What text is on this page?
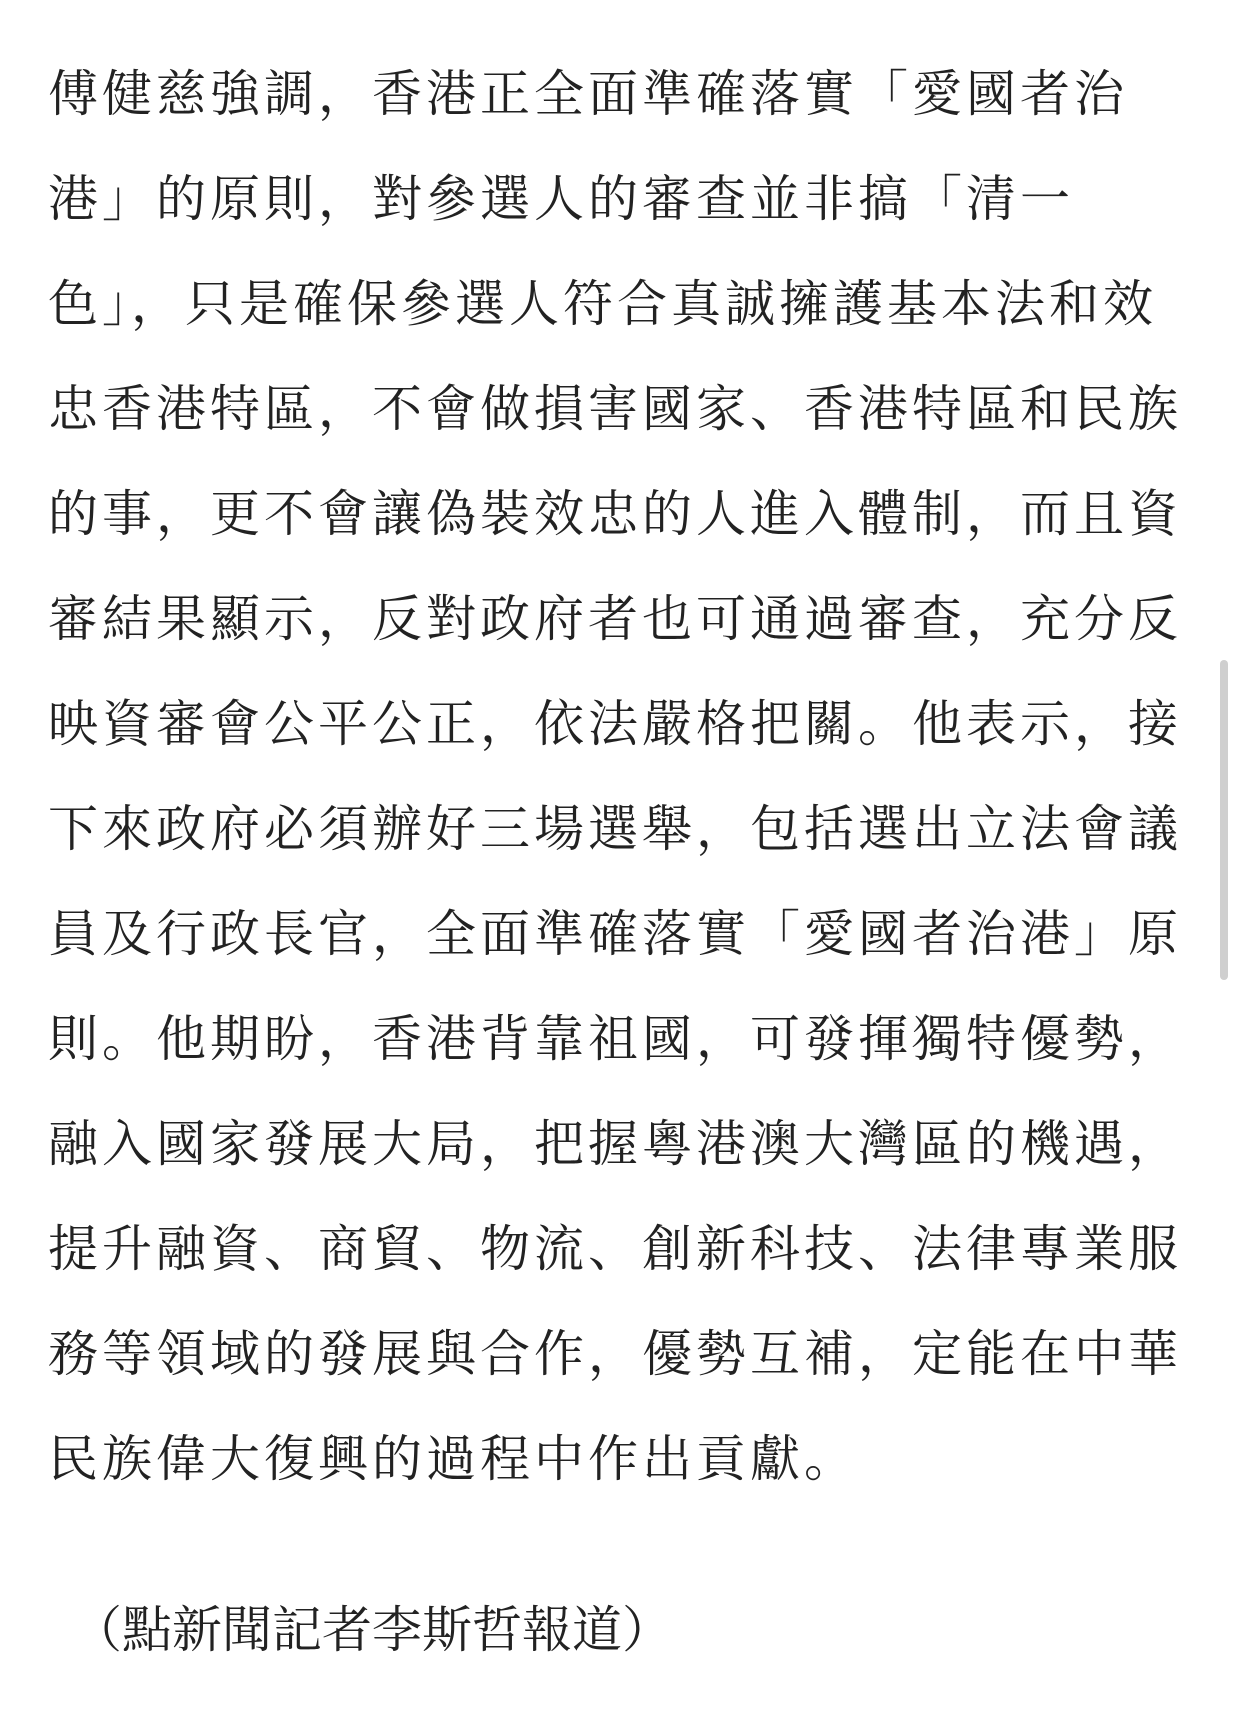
傅健慈強調，香港正全面準確落實「愛國者治
港」的原則，對參選人的審查並非搞「清一
色」，只是確保參選人符合真誠擁護基本法和效
忠香港特區，不會做損害國家、香港特區和民族
的事，更不會讓偽裝效忠的人進入體制，而且資
審結果顯示，反對政府者也可通過審查，充分反
映資審會公平公正，依法嚴格把關。他表示，接
下來政府必須辦好三場選舉，包括選出立法會議
員及行政長官，全面準確落實「愛國者治港」原
則。他期盼，香港背靠祖國，可發揮獨特優勢，
融入國家發展大局，把握粵港澳大灣區的機遇，
提升融資、商貿、物流、創新科技、法律專業服
務等領域的發展與合作，優勢互補，定能在中華
民族偉大復興的過程中作出貢獻。
（點新聞記者李斯哲報道）
